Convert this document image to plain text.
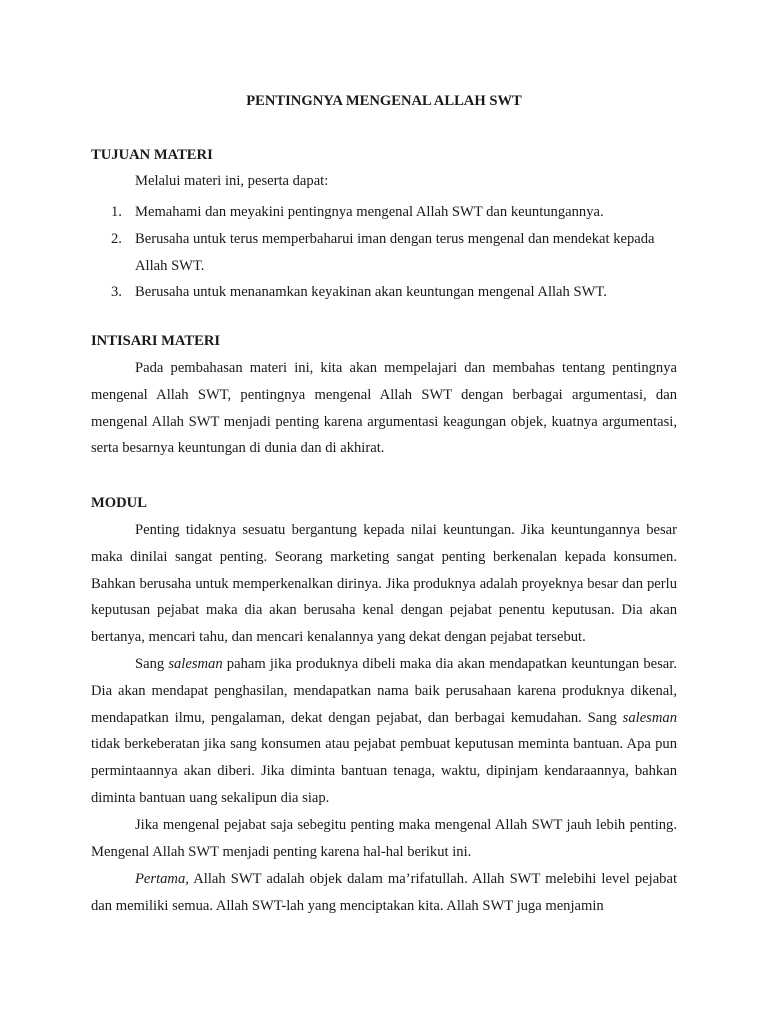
PENTINGNYA MENGENAL ALLAH SWT
TUJUAN MATERI
Melalui materi ini, peserta dapat:
1. Memahami dan meyakini pentingnya mengenal Allah SWT dan keuntungannya.
2. Berusaha untuk terus memperbaharui iman dengan terus mengenal dan mendekat kepada Allah SWT.
3. Berusaha untuk menanamkan keyakinan akan keuntungan mengenal Allah SWT.
INTISARI MATERI
Pada pembahasan materi ini, kita akan mempelajari dan membahas tentang pentingnya mengenal Allah SWT, pentingnya mengenal Allah SWT dengan berbagai argumentasi, dan mengenal Allah SWT menjadi penting karena argumentasi keagungan objek, kuatnya argumentasi, serta besarnya keuntungan di dunia dan di akhirat.
MODUL
Penting tidaknya sesuatu bergantung kepada nilai keuntungan. Jika keuntungannya besar maka dinilai sangat penting. Seorang marketing sangat penting berkenalan kepada konsumen. Bahkan berusaha untuk memperkenalkan dirinya. Jika produknya adalah proyeknya besar dan perlu keputusan pejabat maka dia akan berusaha kenal dengan pejabat penentu keputusan. Dia akan bertanya, mencari tahu, dan mencari kenalannya yang dekat dengan pejabat tersebut.
Sang salesman paham jika produknya dibeli maka dia akan mendapatkan keuntungan besar. Dia akan mendapat penghasilan, mendapatkan nama baik perusahaan karena produknya dikenal, mendapatkan ilmu, pengalaman, dekat dengan pejabat, dan berbagai kemudahan. Sang salesman tidak berkeberatan jika sang konsumen atau pejabat pembuat keputusan meminta bantuan. Apa pun permintaannya akan diberi. Jika diminta bantuan tenaga, waktu, dipinjam kendaraannya, bahkan diminta bantuan uang sekalipun dia siap.
Jika mengenal pejabat saja sebegitu penting maka mengenal Allah SWT jauh lebih penting. Mengenal Allah SWT menjadi penting karena hal-hal berikut ini.
Pertama, Allah SWT adalah objek dalam ma’rifatullah. Allah SWT melebihi level pejabat dan memiliki semua. Allah SWT-lah yang menciptakan kita. Allah SWT juga menjamin
